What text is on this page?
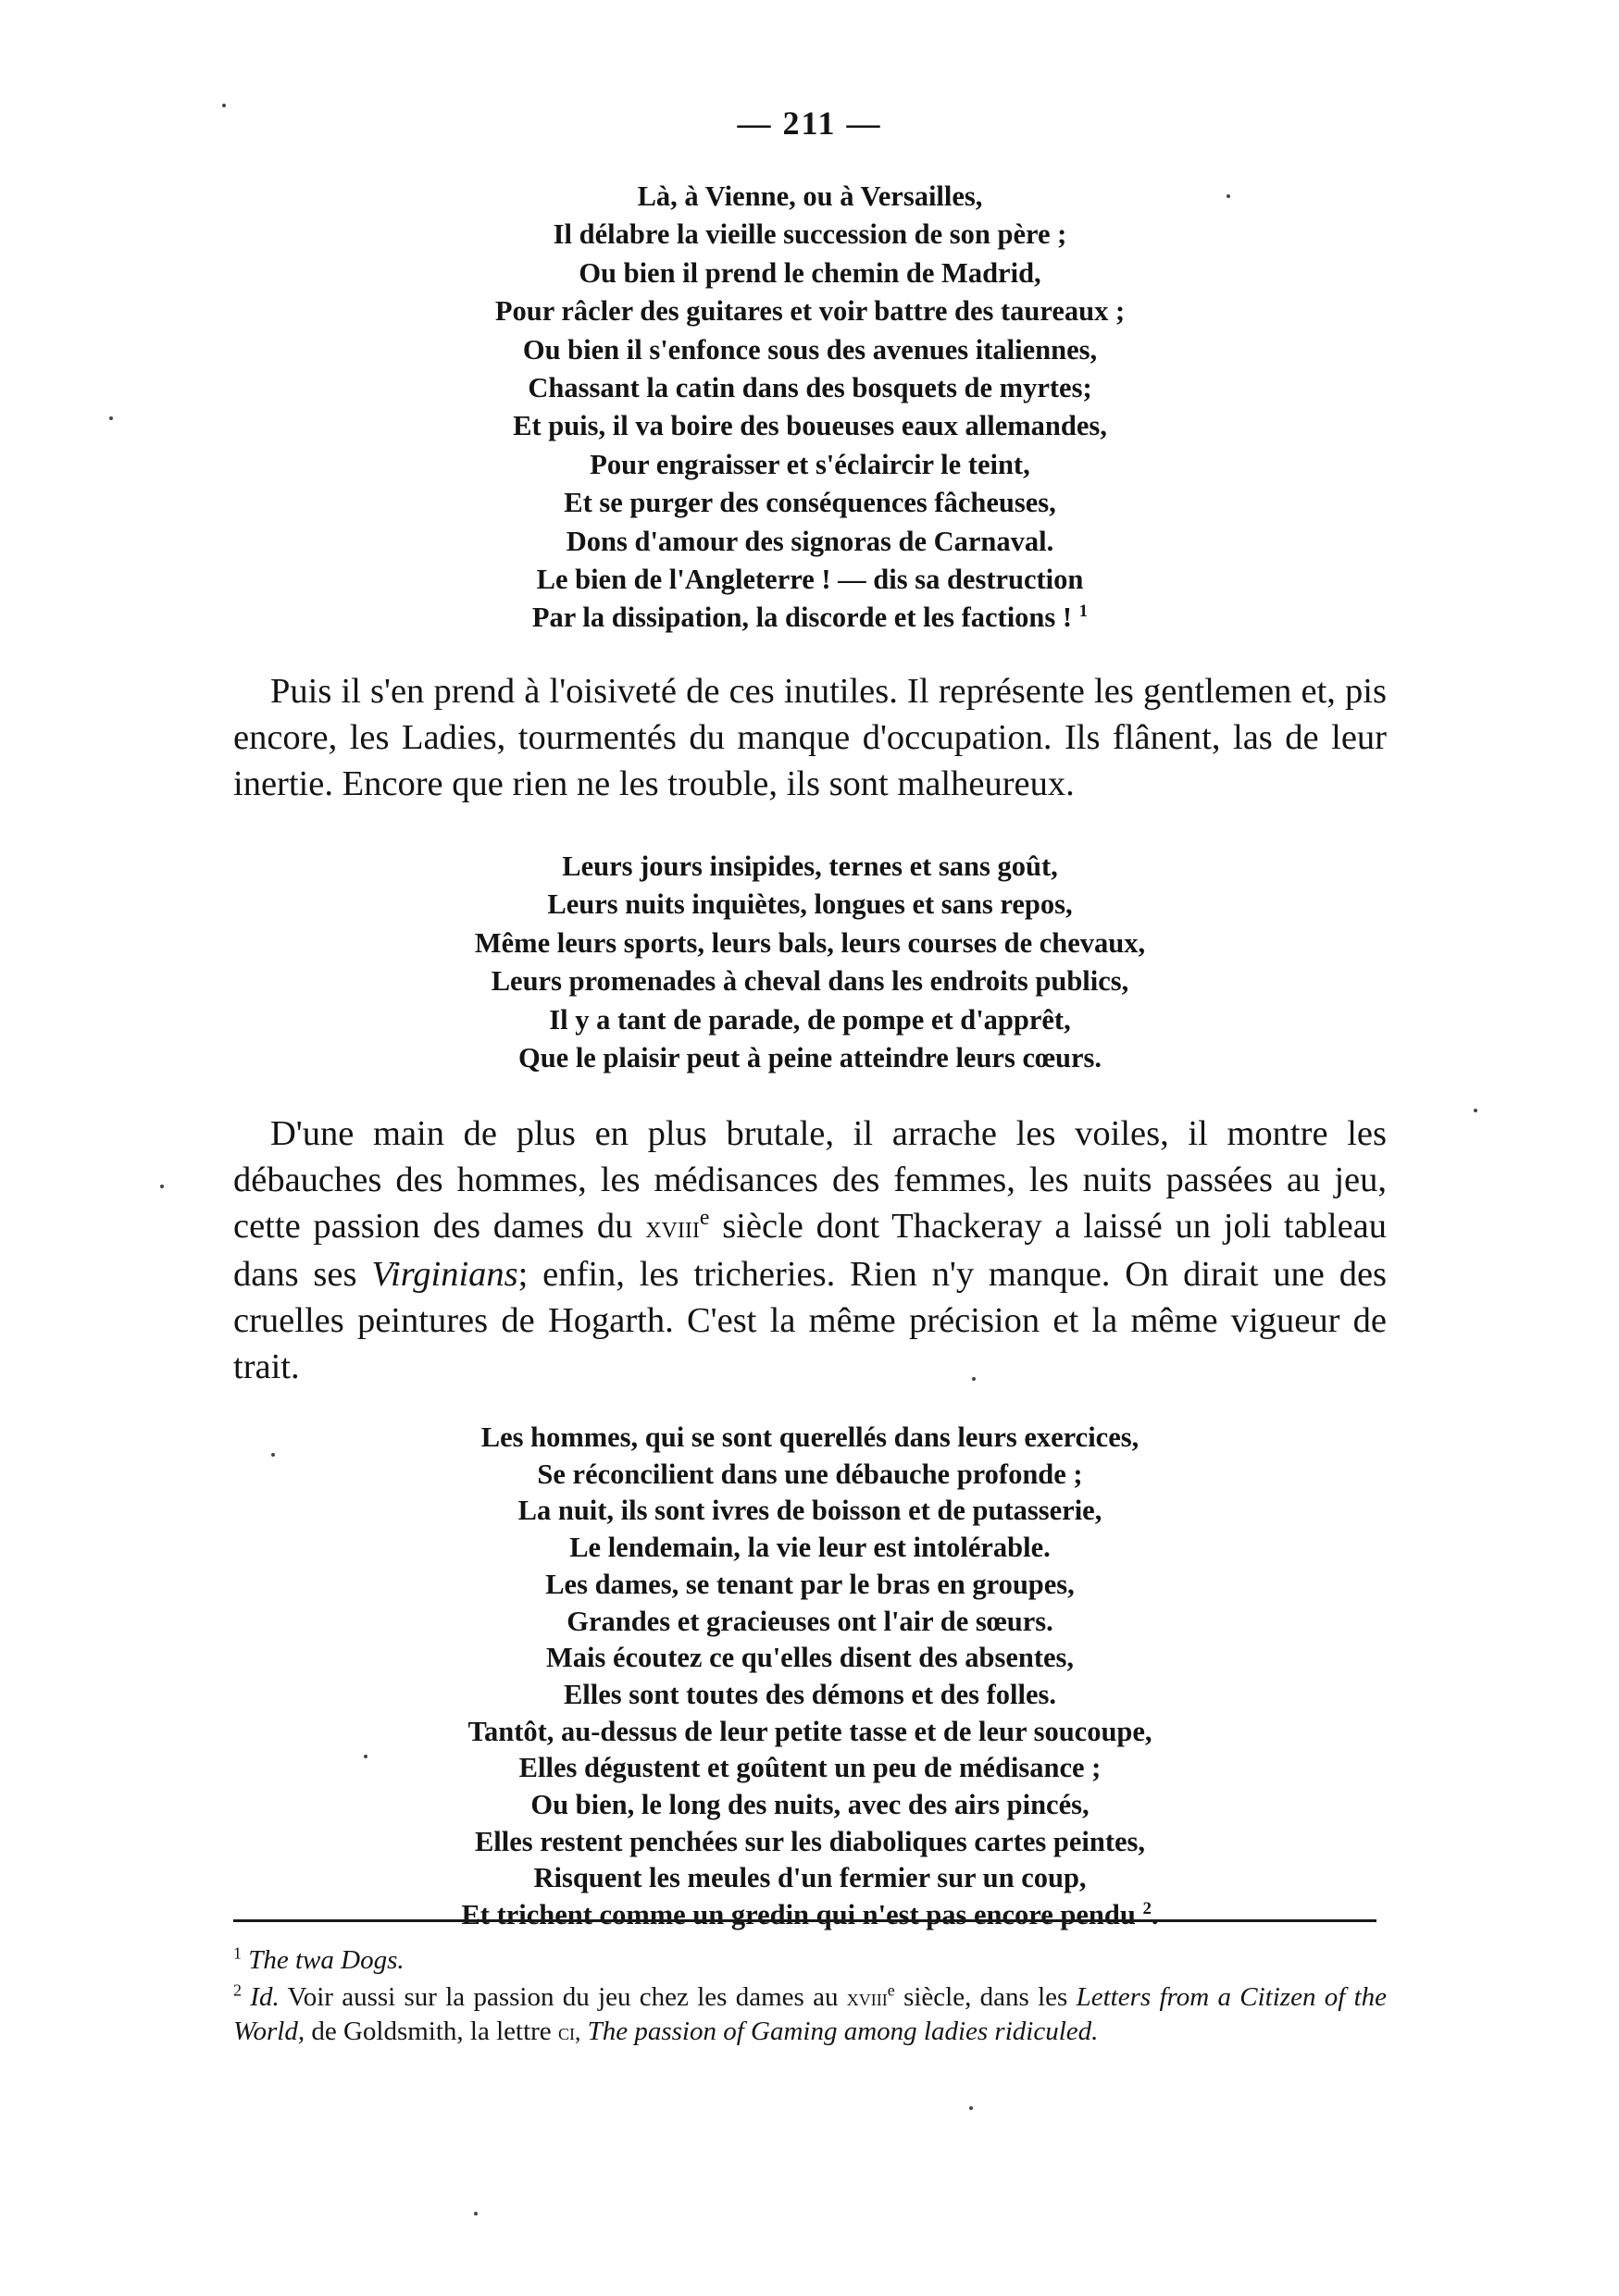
— 211 —
Là, à Vienne, ou à Versailles,
Il délabre la vieille succession de son père ;
Ou bien il prend le chemin de Madrid,
Pour râcler des guitares et voir battre des taureaux ;
Ou bien il s'enfonce sous des avenues italiennes,
Chassant la catin dans des bosquets de myrtes;
Et puis, il va boire des boueuses eaux allemandes,
Pour engraisser et s'éclaircir le teint,
Et se purger des conséquences fâcheuses,
Dons d'amour des signoras de Carnaval.
Le bien de l'Angleterre ! — dis sa destruction
Par la dissipation, la discorde et les factions ! $^1$

Puis il s'en prend à l'oisiveté de ces inutiles. Il représente les gentlemen et, pis encore, les Ladies, tourmentés du manque d'occupation. Ils flânent, las de leur inertie. Encore que rien ne les trouble, ils sont malheureux.

Leurs jours insipides, ternes et sans goût,
Leurs nuits inquiètes, longues et sans repos,
Même leurs sports, leurs bals, leurs courses de chevaux,
Leurs promenades à cheval dans les endroits publics,
Il y a tant de parade, de pompe et d'apprêt,
Que le plaisir peut à peine atteindre leurs cœurs.

D'une main de plus en plus brutale, il arrache les voiles, il montre les débauches des hommes, les médisances des femmes, les nuits passées au jeu, cette passion des dames du xviii$^e$ siècle dont Thackeray a laissé un joli tableau dans ses Virginians; enfin, les tricheries. Rien n'y manque. On dirait une des cruelles peintures de Hogarth. C'est la même précision et la même vigueur de trait.

Les hommes, qui se sont querellés dans leurs exercices,
Se réconcilient dans une débauche profonde ;
La nuit, ils sont ivres de boisson et de putasserie,
Le lendemain, la vie leur est intolérable.
Les dames, se tenant par le bras en groupes,
Grandes et gracieuses ont l'air de sœurs.
Mais écoutez ce qu'elles disent des absentes,
Elles sont toutes des démons et des folles.
Tantôt, au-dessus de leur petite tasse et de leur soucoupe,
Elles dégustent et goûtent un peu de médisance ;
Ou bien, le long des nuits, avec des airs pincés,
Elles restent penchées sur les diaboliques cartes peintes,
Risquent les meules d'un fermier sur un coup,
Et trichent comme un gredin qui n'est pas encore pendu $^2$.

$^1$ The twa Dogs.

$^2$ Id. Voir aussi sur la passion du jeu chez les dames au xviii$^e$ siècle, dans les Letters from a Citizen of the World, de Goldsmith, la lettre ci, The passion of Gaming among ladies ridiculed.
